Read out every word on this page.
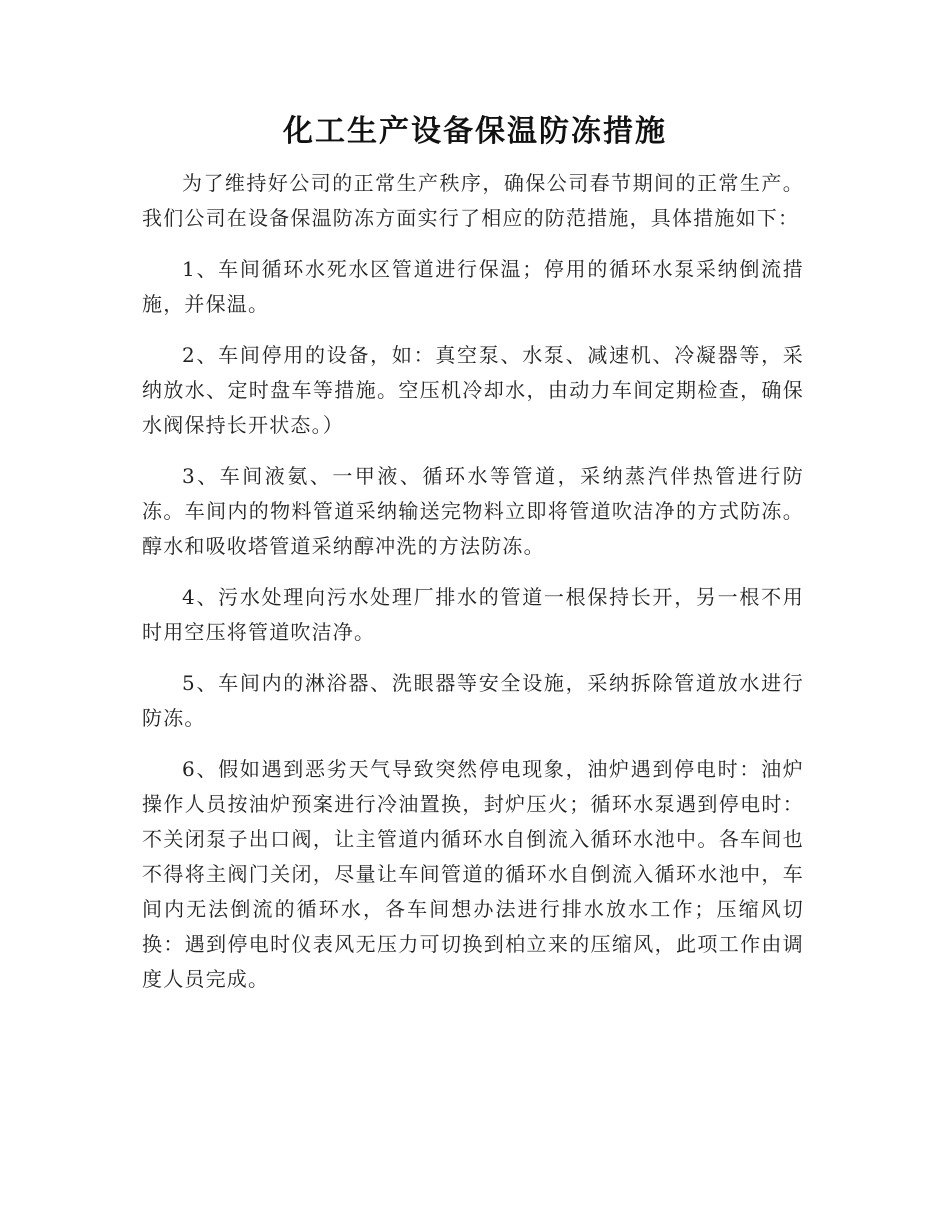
化工生产设备保温防冻措施

为了维持好公司的正常生产秩序，确保公司春节期间的正常生产。我们公司在设备保温防冻方面实行了相应的防范措施，具体措施如下：

1、车间循环水死水区管道进行保温；停用的循环水泵采纳倒流措施，并保温。

2、车间停用的设备，如：真空泵、水泵、减速机、冷凝器等，采纳放水、定时盘车等措施。空压机冷却水，由动力车间定期检查，确保水阀保持长开状态。）

3、车间液氨、一甲液、循环水等管道，采纳蒸汽伴热管进行防冻。车间内的物料管道采纳输送完物料立即将管道吹洁净的方式防冻。醇水和吸收塔管道采纳醇冲洗的方法防冻。

4、污水处理向污水处理厂排水的管道一根保持长开，另一根不用时用空压将管道吹洁净。

5、车间内的淋浴器、洗眼器等安全设施，采纳拆除管道放水进行防冻。

6、假如遇到恶劣天气导致突然停电现象，油炉遇到停电时：油炉操作人员按油炉预案进行冷油置换，封炉压火；循环水泵遇到停电时：不关闭泵子出口阀，让主管道内循环水自倒流入循环水池中。各车间也不得将主阀门关闭，尽量让车间管道的循环水自倒流入循环水池中，车间内无法倒流的循环水，各车间想办法进行排水放水工作；压缩风切换：遇到停电时仪表风无压力可切换到柏立来的压缩风，此项工作由调度人员完成。
